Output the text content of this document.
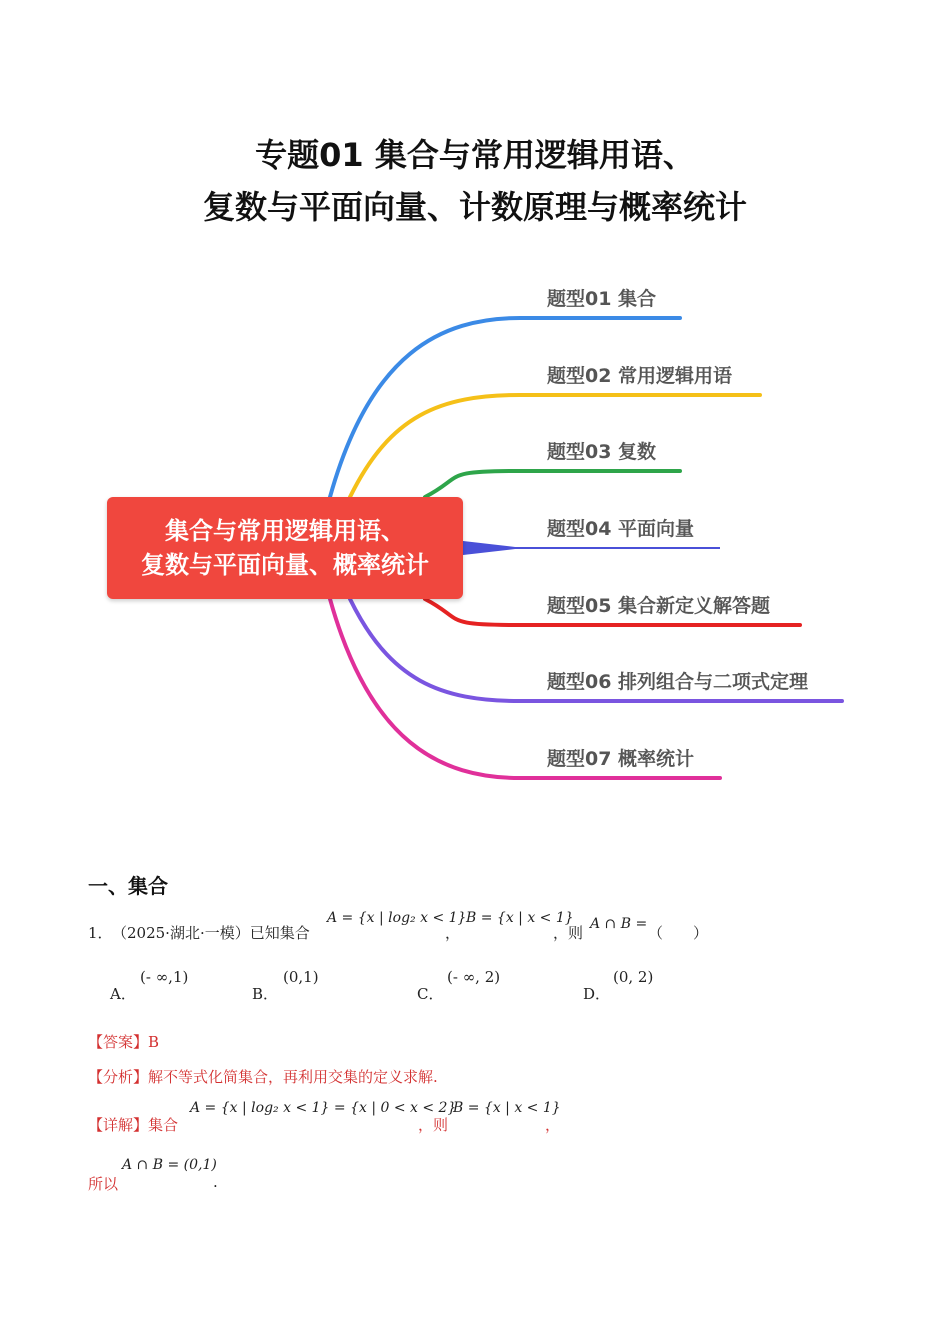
专题01 集合与常用逻辑用语、
复数与平面向量、计数原理与概率统计
集合与常用逻辑用语、
复数与平面向量、概率统计
题型01 集合
题型02 常用逻辑用语
题型03 复数
题型04 平面向量
题型05 集合新定义解答题
题型06 排列组合与二项式定理
题型07 概率统计
一、集合
1． （2025·湖北·一模）已知集合
A = {x | log₂ x < 1}
，
B = {x | x < 1}
，则 A ∩ B = （　　）
A．
(- ∞,1)
B．
(0,1)
C．
(- ∞, 2)
D．
(0, 2)
【答案】B
【分析】解不等式化简集合，再利用交集的定义求解.
【详解】集合
A = {x | log₂ x < 1} = {x | 0 < x < 2}
，则
B = {x | x < 1}
，
所以
A ∩ B = (0,1)
.
